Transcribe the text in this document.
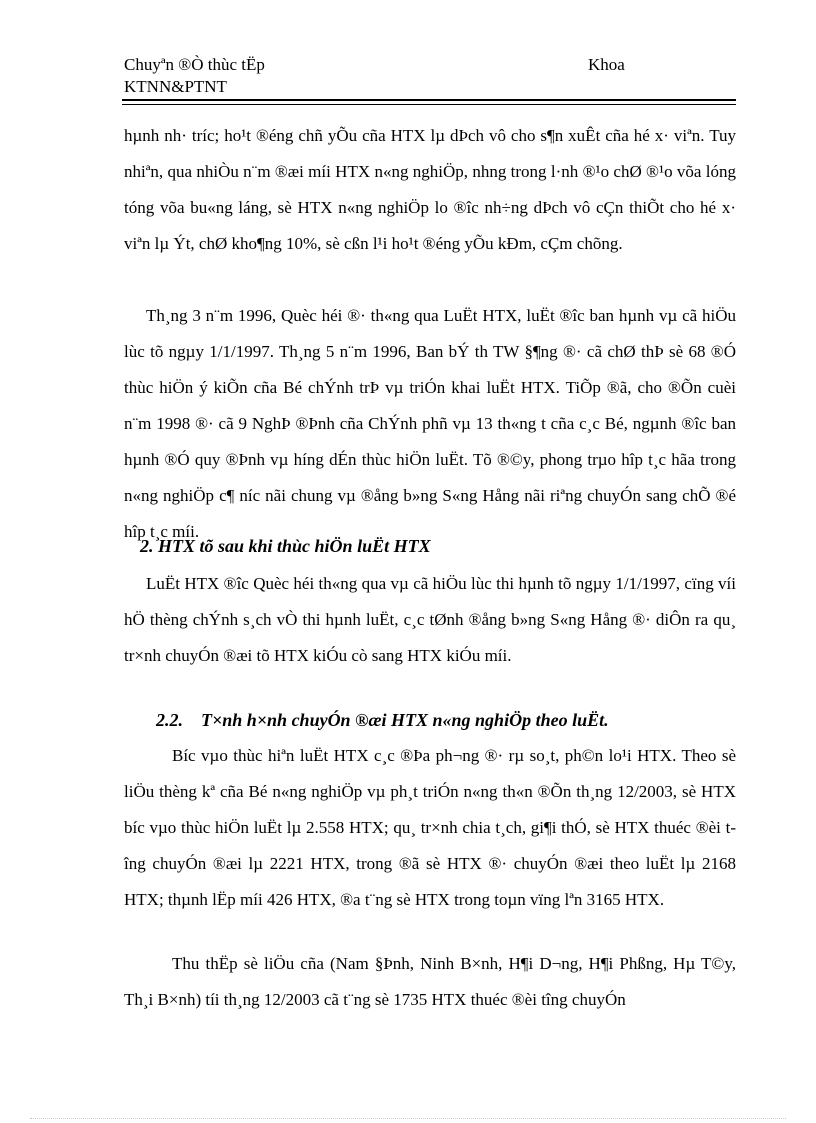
Chuyªn ®Ò thùc tËp
KTNN&PTNT
Khoa

hµnh nh· tríc; ho¹t ®éng chñ yÕu cña HTX lµ dÞch vô cho s¶n xuÊt cña hé x· viªn. Tuy nhiªn, qua nhiÒu n¨m ®æi míi HTX n«ng nghiÖp, nhng trong l·nh ®¹o chØ ®¹o võa lóng tóng võa bu«ng láng, sè HTX n«ng nghiÖp lo ®îc nh÷ng dÞch vô cÇn thiÕt cho hé x· viªn lµ Ýt, chØ kho¶ng 10%, sè cßn l¹i ho¹t ®éng yÕu kÐm, cÇm chõng.

Th¸ng 3 n¨m 1996, Quèc héi ®· th«ng qua LuËt HTX, luËt ®îc ban hµnh vµ cã hiÖu lùc tõ ngµy 1/1/1997. Th¸ng 5 n¨m 1996, Ban bÝ th TW §¶ng ®· cã chØ thÞ sè 68 ®Ó thùc hiÖn ý kiÕn cña Bé chÝnh trÞ vµ triÓn khai luËt HTX. TiÕp ®ã, cho ®Õn cuèi n¨m 1998 ®· cã 9 NghÞ ®Þnh cña ChÝnh phñ vµ 13 th«ng t cña c¸c Bé, ngµnh ®îc ban hµnh ®Ó quy ®Þnh vµ híng dÉn thùc hiÖn luËt. Tõ ®©y, phong trµo hîp t¸c hãa trong n«ng nghiÖp c¶ níc nãi chung vµ ®ång b»ng S«ng Hång nãi riªng chuyÓn sang chÕ ®é hîp t¸c míi.

2. HTX tõ sau khi thùc hiÖn luËt HTX

LuËt HTX ®îc Quèc héi th«ng qua vµ cã hiÖu lùc thi hµnh tõ ngµy 1/1/1997, cïng víi hÖ thèng chÝnh s¸ch vÒ thi hµnh luËt, c¸c tØnh ®ång b»ng S«ng Hång ®· diÔn ra qu¸ tr×nh chuyÓn ®æi tõ HTX kiÓu cò sang HTX kiÓu míi.

2.2.    T×nh h×nh chuyÓn ®æi HTX n«ng nghiÖp theo luËt.

Bíc vµo thùc hiªn luËt HTX c¸c ®Þa ph¬ng ®· rµ so¸t, ph©n lo¹i HTX. Theo sè liÖu thèng kª cña Bé n«ng nghiÖp vµ ph¸t triÓn n«ng th«n ®Õn th¸ng 12/2003, sè HTX bíc vµo thùc hiÖn luËt lµ 2.558 HTX; qu¸ tr×nh chia t¸ch, gi¶i thÓ, sè HTX thuéc ®èi tîng chuyÓn ®æi lµ 2221 HTX, trong ®ã sè HTX ®· chuyÓn ®æi theo luËt lµ 2168 HTX; thµnh lËp míi 426 HTX, ®a t¨ng sè HTX trong toµn vïng lªn 3165 HTX.

Thu thËp sè liÖu cña (Nam §Þnh, Ninh B×nh, H¶i D¬ng, H¶i Phßng, Hµ T©y, Th¸i B×nh) tíi th¸ng 12/2003 cã t¨ng sè 1735 HTX thuéc ®èi tîng chuyÓn
